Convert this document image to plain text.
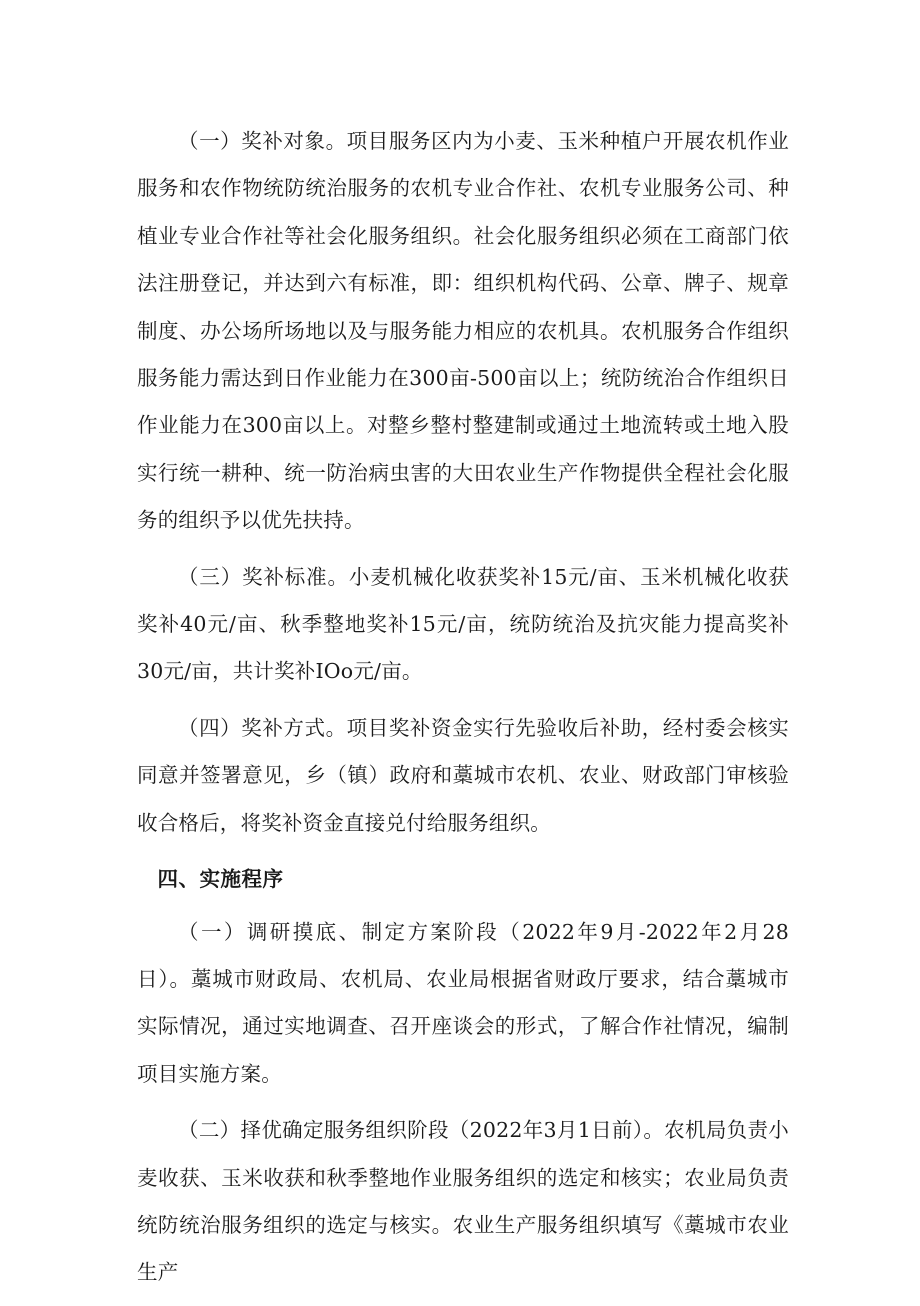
（一）奖补对象。项目服务区内为小麦、玉米种植户开展农机作业服务和农作物统防统治服务的农机专业合作社、农机专业服务公司、种植业专业合作社等社会化服务组织。社会化服务组织必须在工商部门依法注册登记，并达到六有标准，即：组织机构代码、公章、牌子、规章制度、办公场所场地以及与服务能力相应的农机具。农机服务合作组织服务能力需达到日作业能力在300亩-500亩以上；统防统治合作组织日作业能力在300亩以上。对整乡整村整建制或通过土地流转或土地入股实行统一耕种、统一防治病虫害的大田农业生产作物提供全程社会化服务的组织予以优先扶持。

（三）奖补标准。小麦机械化收获奖补15元/亩、玉米机械化收获奖补40元/亩、秋季整地奖补15元/亩，统防统治及抗灾能力提高奖补30元/亩，共计奖补IOo元/亩。

（四）奖补方式。项目奖补资金实行先验收后补助，经村委会核实同意并签署意见，乡（镇）政府和藁城市农机、农业、财政部门审核验收合格后，将奖补资金直接兑付给服务组织。

四、实施程序

（一）调研摸底、制定方案阶段（2022年9月-2022年2月28日）。藁城市财政局、农机局、农业局根据省财政厅要求，结合藁城市实际情况，通过实地调查、召开座谈会的形式，了解合作社情况，编制项目实施方案。

（二）择优确定服务组织阶段（2022年3月1日前）。农机局负责小麦收获、玉米收获和秋季整地作业服务组织的选定和核实；农业局负责统防统治服务组织的选定与核实。农业生产服务组织填写《藁城市农业生产
